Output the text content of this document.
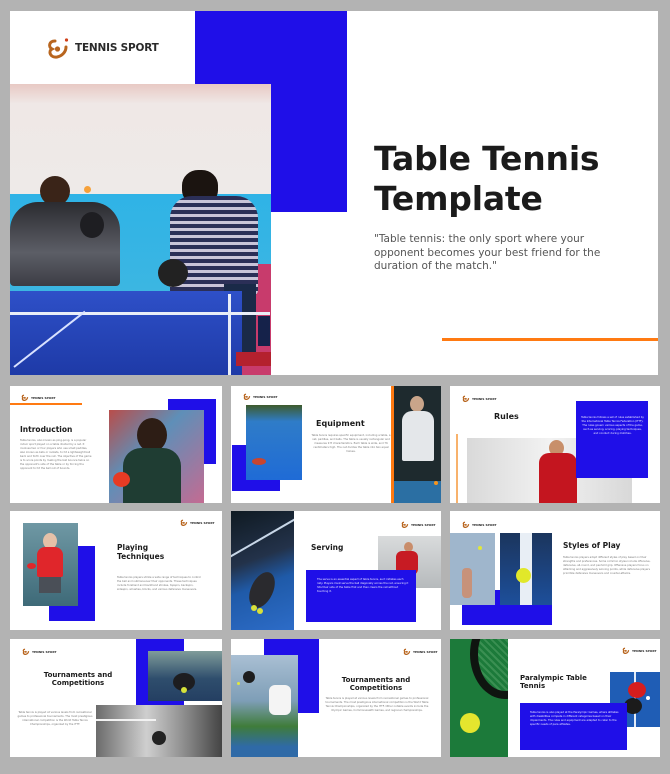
TENNIS SPORT
Table Tennis
Template
"Table tennis: the only sport where your opponent becomes your best friend for the duration of the match."
TENNIS SPORT
Introduction
Table tennis, also known as ping-pong, is a popular indoor sport played on a table divided by a net. It involves two or four players who use small paddles, also known as bats or rackets, to hit a lightweight ball back and forth over the net. The objective of the game is to score points by making the ball bounce twice on the opponent's side of the table or by forcing the opponent to hit the ball out of bounds.
TENNIS SPORT
Equipment
Table tennis requires specific equipment, including a table, a net, paddles, and balls. The table is usually rectangular and measures 9 ft characteristics. Each table is wide, and 76 centimeters high. The net divides the table into two equal halves.
TENNIS SPORT
Rules	Table tennis follows a set of rules established by the International Table Tennis Federation (ITTF). The rules govern various aspects of the game, such as serving, scoring, playing techniques, and conduct during matches.
TENNIS SPORT
Playing
Techniques
Table tennis players utilize a wide range of techniques to control the ball and outmaneuver their opponents. These techniques include forehand and backhand strokes, topspin, backspin, sidespin, smashes, blocks, and various defensive maneuvers.
TENNIS SPORT
Serving
The serve is an essential aspect of table tennis, as it initiates each rally. Players must serve the ball diagonally across the net, ensuring it hits their side of the table first and then clears the net without touching it.
TENNIS SPORT
Styles of Play
Table tennis players adopt different styles of play based on their strengths and preferences. Some common styles include offensive, defensive, all-round, and penhold grip. Offensive players focus on attacking and aggressively winning points, while defensive players prioritize defensive maneuvers and counter-attacks.
TENNIS SPORT
Tournaments and
Competitions
Table tennis is played at various levels from recreational games to professional tournaments. The most prestigious international competition is the World Table Tennis Championships, organized by the ITTF.
TENNIS SPORT
Tournaments and
Competitions
Table tennis is played at various levels from recreational games to professional tournaments. The most prestigious international competition is the World Table Tennis Championships, organized by the ITTF. Other notable events include the Olympic Games, Commonwealth Games, and regional championships.
TENNIS SPORT
Paralympic Table
Tennis
Table tennis is also played at the Paralympic Games, where athletes with disabilities compete in different categories based on their impairments. The rules and equipment are adapted to cater to the specific needs of para athletes.
